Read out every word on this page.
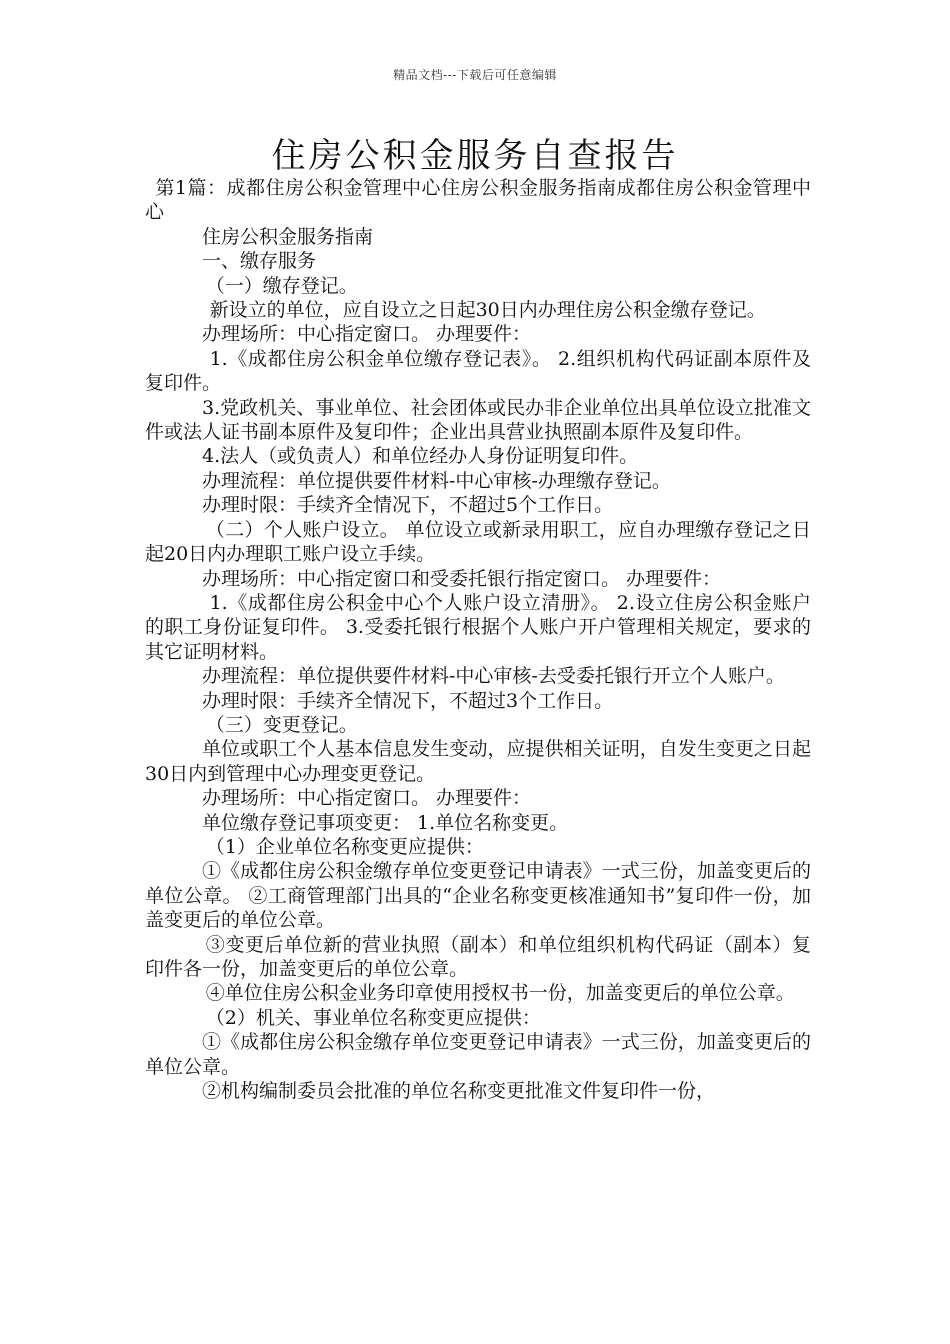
精品文档---下载后可任意编辑
住房公积金服务自查报告

第1篇：成都住房公积金管理中心住房公积金服务指南成都住房公积金管理中心

住房公积金服务指南

一、缴存服务

（一）缴存登记。

新设立的单位，应自设立之日起30日内办理住房公积金缴存登记。

办理场所：中心指定窗口。 办理要件：

1.《成都住房公积金单位缴存登记表》。 2.组织机构代码证副本原件及复印件。

3.党政机关、事业单位、社会团体或民办非企业单位出具单位设立批准文件或法人证书副本原件及复印件；企业出具营业执照副本原件及复印件。

4.法人（或负责人）和单位经办人身份证明复印件。

办理流程：单位提供要件材料-中心审核-办理缴存登记。

办理时限：手续齐全情况下，不超过5个工作日。

（二）个人账户设立。 单位设立或新录用职工，应自办理缴存登记之日起20日内办理职工账户设立手续。

办理场所：中心指定窗口和受委托银行指定窗口。 办理要件：

1.《成都住房公积金中心个人账户设立清册》。 2.设立住房公积金账户的职工身份证复印件。 3.受委托银行根据个人账户开户管理相关规定，要求的其它证明材料。

办理流程：单位提供要件材料-中心审核-去受委托银行开立个人账户。

办理时限：手续齐全情况下，不超过3个工作日。

（三）变更登记。

单位或职工个人基本信息发生变动，应提供相关证明，自发生变更之日起30日内到管理中心办理变更登记。

办理场所：中心指定窗口。 办理要件：

单位缴存登记事项变更： 1.单位名称变更。

（1）企业单位名称变更应提供：

①《成都住房公积金缴存单位变更登记申请表》一式三份，加盖变更后的单位公章。 ②工商管理部门出具的“企业名称变更核准通知书”复印件一份，加盖变更后的单位公章。

③变更后单位新的营业执照（副本）和单位组织机构代码证（副本）复印件各一份，加盖变更后的单位公章。

④单位住房公积金业务印章使用授权书一份，加盖变更后的单位公章。

（2）机关、事业单位名称变更应提供：

①《成都住房公积金缴存单位变更登记申请表》一式三份，加盖变更后的单位公章。

②机构编制委员会批准的单位名称变更批准文件复印件一份，
